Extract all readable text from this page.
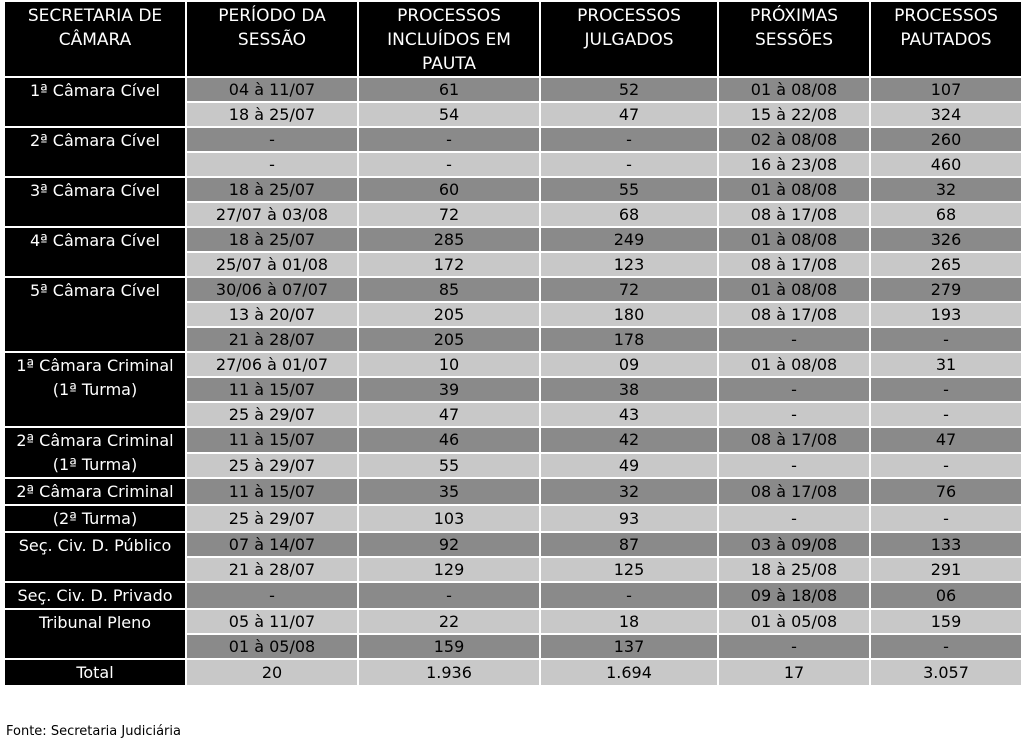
SECRETARIA DE CÂMARA	PERÍODO DA SESSÃO	PROCESSOS INCLUÍDOS EM PAUTA	PROCESSOS JULGADOS	PRÓXIMAS SESSÕES	PROCESSOS PAUTADOS
1ª Câmara Cível	04 à 11/07	61	52	01 à 08/08	107
	18 à 25/07	54	47	15 à 22/08	324
2ª Câmara Cível	-	-	-	02 à 08/08	260
	-	-	-	16 à 23/08	460
3ª Câmara Cível	18 à 25/07	60	55	01 à 08/08	32
	27/07 à 03/08	72	68	08 à 17/08	68
4ª Câmara Cível	18 à 25/07	285	249	01 à 08/08	326
	25/07 à 01/08	172	123	08 à 17/08	265
5ª Câmara Cível	30/06 à 07/07	85	72	01 à 08/08	279
	13 à 20/07	205	180	08 à 17/08	193
	21 à 28/07	205	178	-	-
1ª Câmara Criminal (1ª Turma)	27/06 à 01/07	10	09	01 à 08/08	31
	11 à 15/07	39	38	-	-
	25 à 29/07	47	43	-	-
2ª Câmara Criminal (1ª Turma)	11 à 15/07	46	42	08 à 17/08	47
	25 à 29/07	55	49	-	-
2ª Câmara Criminal	11 à 15/07	35	32	08 à 17/08	76
(2ª Turma)	25 à 29/07	103	93	-	-
Seç. Civ. D. Público	07 à 14/07	92	87	03 à 09/08	133
	21 à 28/07	129	125	18 à 25/08	291
Seç. Civ. D. Privado	-	-	-	09 à 18/08	06
Tribunal Pleno	05 à 11/07	22	18	01 à 05/08	159
	01 à 05/08	159	137	-	-
Total	20	1.936	1.694	17	3.057
Fonte: Secretaria Judiciária
